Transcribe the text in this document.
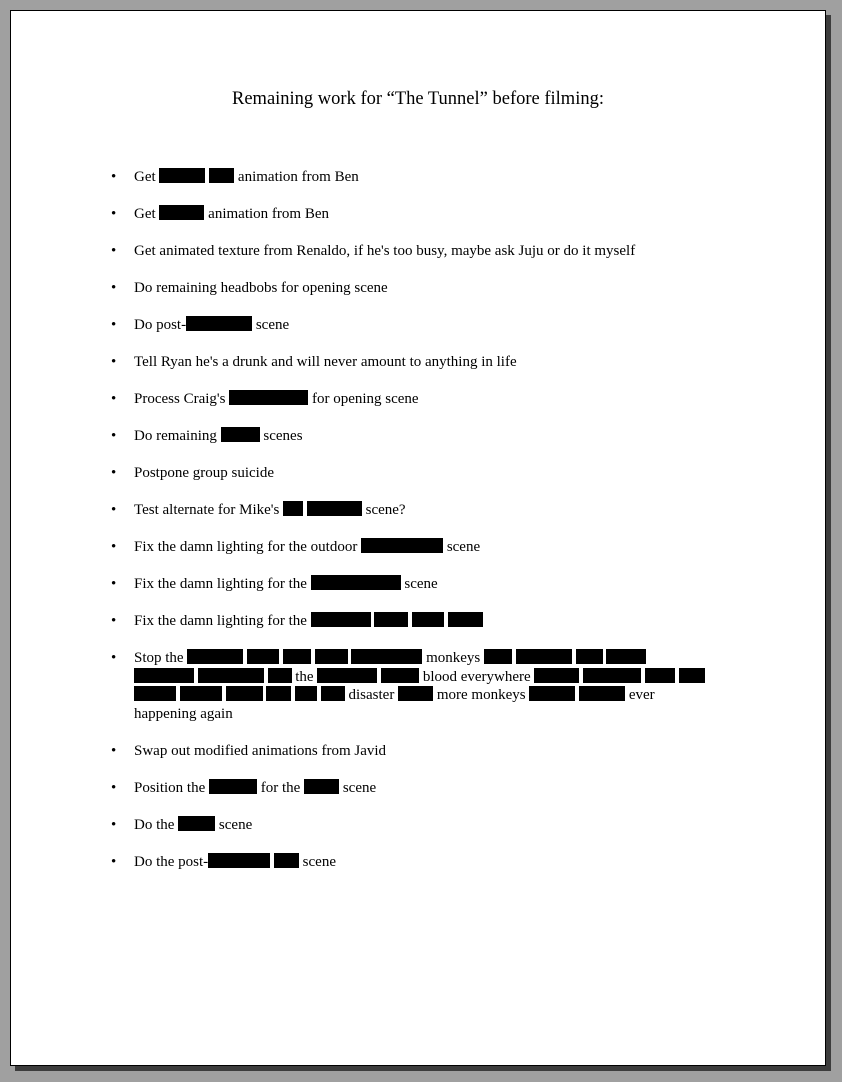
Remaining work for “The Tunnel” before filming:
• Get	animation from Ben
• Get	animation from Ben
• Get animated texture from Renaldo, if he's too busy, maybe ask Juju or do it myself
• Do remaining headbobs for opening scene
• Do post-	scene
• Tell Ryan he's a drunk and will never amount to anything in life
• Process Craig's	for opening scene
• Do remaining	scenes
• Postpone group suicide
• Test alternate for Mike's	scene?
• Fix the damn lighting for the outdoor	scene
• Fix the damn lighting for the	scene
• Fix the damn lighting for the
• Stop the	monkeys        the	blood everywhere           disaster  more monkeys	ever happening again
• Swap out modified animations from Javid
• Position the	for the  scene
• Do the  scene
• Do the post-	scene
